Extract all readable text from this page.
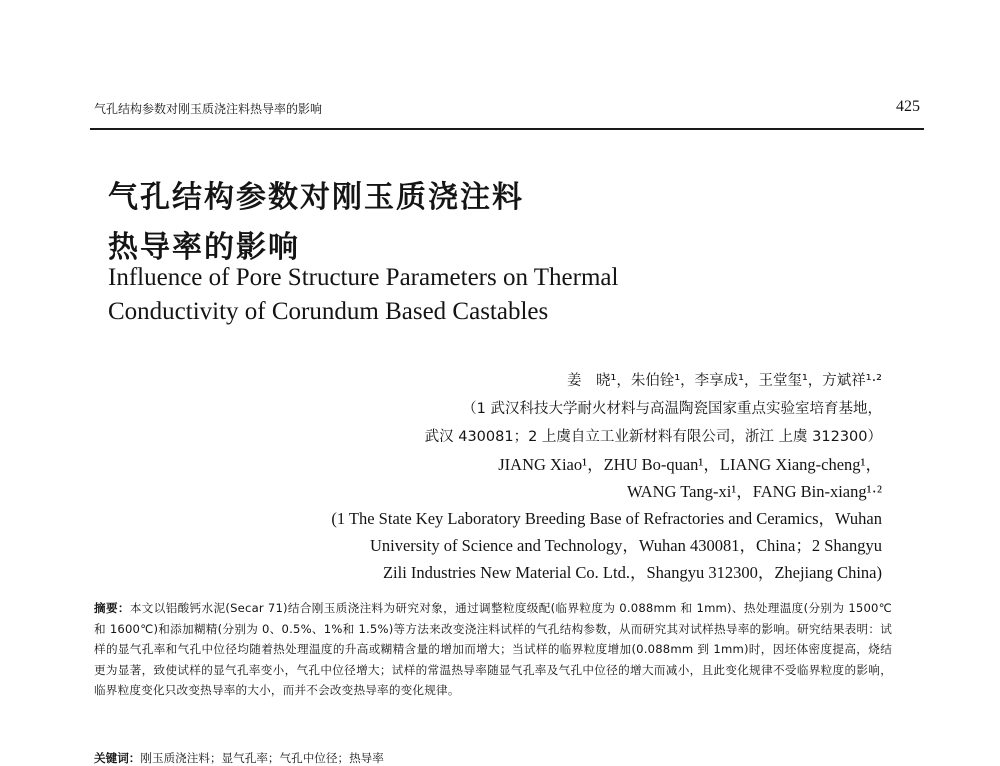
气孔结构参数对刚玉质浇注料热导率的影响	425
气孔结构参数对刚玉质浇注料
热导率的影响
Influence of Pore Structure Parameters on Thermal
Conductivity of Corundum Based Castables
姜　晓¹，朱伯铨¹，李享成¹，王堂玺¹，方斌祥¹·²
（1 武汉科技大学耐火材料与高温陶瓷国家重点实验室培育基地，
武汉 430081；2 上虞自立工业新材料有限公司，浙江 上虞 312300）
JIANG Xiao¹，ZHU Bo-quan¹，LIANG Xiang-cheng¹，
WANG Tang-xi¹，FANG Bin-xiang¹·²
(1 The State Key Laboratory Breeding Base of Refractories and Ceramics，Wuhan
University of Science and Technology，Wuhan 430081，China；2 Shangyu
Zili Industries New Material Co. Ltd.，Shangyu 312300，Zhejiang China)
摘要：本文以铝酸钙水泥(Secar 71)结合刚玉质浇注料为研究对象，通过调整粒度级配(临界粒度为 0.088mm 和 1mm)、热处理温度(分别为 1500℃和 1600℃)和添加糊精(分别为 0、0.5%、1%和 1.5%)等方法来改变浇注料试样的气孔结构参数，从而研究其对试样热导率的影响。研究结果表明：试样的显气孔率和气孔中位径均随着热处理温度的升高或糊精含量的增加而增大；当试样的临界粒度增加(0.088mm 到 1mm)时，因坯体密度提高，烧结更为显著，致使试样的显气孔率变小，气孔中位径增大；试样的常温热导率随显气孔率及气孔中位径的增大而减小，且此变化规律不受临界粒度的影响，临界粒度变化只改变热导率的大小，而并不会改变热导率的变化规律。
关键词：刚玉质浇注料；显气孔率；气孔中位径；热导率
